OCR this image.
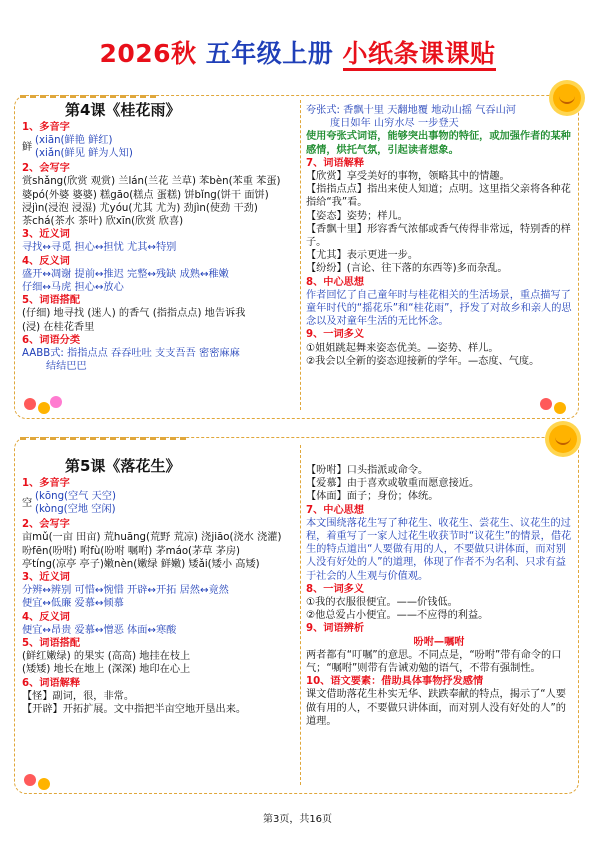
2026秋 五年级上册 小纸条课课贴
第4课《桂花雨》
1、多音字
鲜
(xiān(鲜艳 鲜红)
(xiǎn(鲜见 鲜为人知)
2、会写字
赏shǎng(欣赏 观赏) 兰lán(兰花 兰草) 苯bèn(苯重 苯蛋)
婆pó(外婆 婆婆) 糕gāo(糕点 蛋糕) 饼bǐng(饼干 面饼)
浸jìn(浸泡 浸湿) 尤yóu(尤其 尤为) 劲jìn(使劲 干劲)
茶chá(茶水 茶叶) 欣xīn(欣赏 欣喜)
3、近义词
寻找↔寻觅 担心↔担忧 尤其↔特别
4、反义词
盛开↔凋谢 提前↔推迟 完整↔残缺 成熟↔稚嫩
仔细↔马虎 担心↔放心
5、词语搭配
(仔细) 地寻找 (迷人) 的香气 (指指点点) 地告诉我
(浸) 在桂花香里
6、词语分类
AABB式: 指指点点 吞吞吐吐 支支吾吾 密密麻麻
结结巴巴
夸张式: 香飘十里 天翻地覆 地动山摇 气吞山河
度日如年 山穷水尽 一步登天
使用夸张式词语，能够突出事物的特征，或加强作者的某种感情，烘托气氛，引起读者想象。
7、词语解释
【欣赏】享受美好的事物，领略其中的情趣。
【指指点点】指出来使人知道；点明。这里指父亲将各种花指给“我”看。
【姿态】姿势；样儿。
【香飘十里】形容香气浓郁或香气传得非常远，特别香的样子。
【尤其】表示更进一步。
【纷纷】(言论、往下落的东西等)多而杂乱。
8、中心思想
作者回忆了自己童年时与桂花相关的生活场景，重点描写了童年时代的“摇花乐”和“桂花雨”，抒发了对故乡和亲人的思念以及对童年生活的无比怀念。
9、一词多义
①姐姐跳起舞来姿态优美。—姿势、样儿。
②我会以全新的姿态迎接新的学年。—态度、气度。
第5课《落花生》
1、多音字
空
(kōng(空气 天空)
(kòng(空地 空闲)
2、会写字
亩mǔ(一亩 田亩) 荒huāng(荒野 荒凉) 浇jiāo(浇水 浇灌)
吩fēn(吩咐) 咐fù(吩咐 嘱咐) 茅máo(茅草 茅房)
亭tíng(凉亭 亭子)嫩nèn(嫩绿 鲜嫩) 矮ǎi(矮小 高矮)
3、近义词
分辨↔辨别 可惜↔惋惜 开辟↔开拓 居然↔竟然
便宜↔低廉 爱慕↔倾慕
4、反义词
便宜↔昂贵 爱慕↔憎恶 体面↔寒酸
5、词语搭配
(鲜红嫩绿) 的果实 (高高) 地挂在枝上
(矮矮) 地长在地上 (深深) 地印在心上
6、词语解释
【怪】副词，很，非常。
【开辟】开拓扩展。文中指把半亩空地开垦出来。
【吩咐】口头指派或命令。
【爱慕】由于喜欢或敬重而愿意接近。
【体面】面子；身份；体统。
7、中心思想
本文围绕落花生写了种花生、收花生、尝花生、议花生的过程，着重写了一家人过花生收获节时“议花生”的情景，借花生的特点道出“人要做有用的人，不要做只讲体面，而对别人没有好处的人”的道理，体现了作者不为名利、只求有益于社会的人生观与价值观。
8、一词多义
①我的衣服很便宜。——价钱低。
②他总爱占小便宜。——不应得的利益。
9、词语辨析
吩咐—嘱咐
两者都有“叮嘱”的意思。不同点是，“吩咐”带有命令的口气；“嘱咐”则带有告诫劝勉的语气，不带有强制性。
10、语文要素：借助具体事物抒发感情
课文借助落花生朴实无华、趺跌奉献的特点，揭示了“人要做有用的人，不要做只讲体面，而对别人没有好处的人”的道理。
第3页，共16页
